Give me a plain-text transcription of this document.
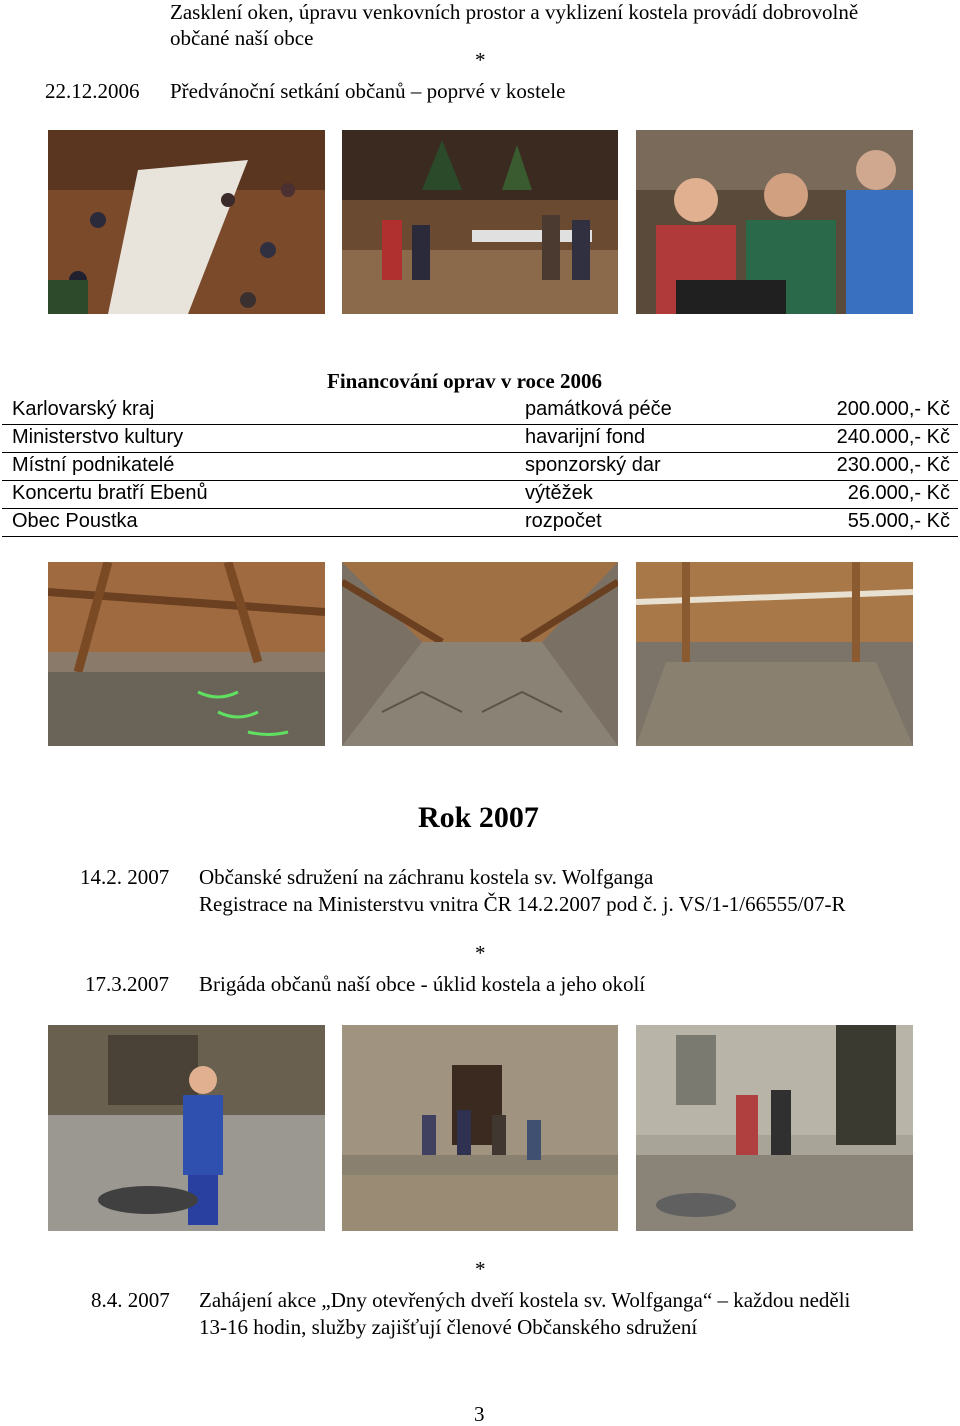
Zasklení oken, úpravu venkovních prostor a vyklizení kostela provádí dobrovolně
občané naší obce
*
22.12.2006 Předvánoční setkání občanů – poprvé v kostele
Financování oprav v roce 2006
Karlovarský kraj	památková péče	200.000,- Kč
Ministerstvo kultury	havarijní fond	240.000,- Kč
Místní podnikatelé	sponzorský dar	230.000,- Kč
Koncertu bratří Ebenů	výtěžek	26.000,- Kč
Obec Poustka	rozpočet	55.000,- Kč
Rok 2007
14.2. 2007 Občanské sdružení na záchranu kostela sv. Wolfganga
Registrace na Ministerstvu vnitra ČR 14.2.2007 pod č. j. VS/1-1/66555/07-R
*
17.3.2007 Brigáda občanů naší obce - úklid kostela a jeho okolí
*
8.4. 2007 Zahájení akce „Dny otevřených dveří kostela sv. Wolfganga“ – každou neděli
13-16 hodin, služby zajišťují členové Občanského sdružení
3
